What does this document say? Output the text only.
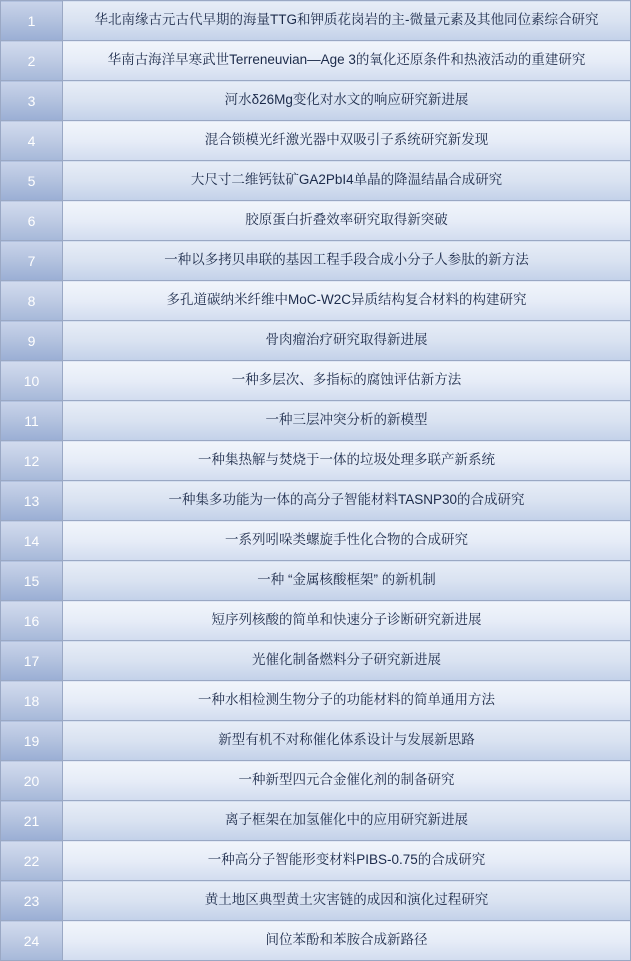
1	华北南缘古元古代早期的海量TTG和钾质花岗岩的主-微量元素及其他同位素综合研究
2	华南古海洋早寒武世Terreneuvian—Age 3的氧化还原条件和热液活动的重建研究
3	河水δ26Mg变化对水文的响应研究新进展
4	混合锁模光纤激光器中双吸引子系统研究新发现
5	大尺寸二维钙钛矿GA2PbI4单晶的降温结晶合成研究
6	胶原蛋白折叠效率研究取得新突破
7	一种以多拷贝串联的基因工程手段合成小分子人参肽的新方法
8	多孔道碳纳米纤维中MoC-W2C异质结构复合材料的构建研究
9	骨肉瘤治疗研究取得新进展
10	一种多层次、多指标的腐蚀评估新方法
11	一种三层冲突分析的新模型
12	一种集热解与焚烧于一体的垃圾处理多联产新系统
13	一种集多功能为一体的高分子智能材料TASNP30的合成研究
14	一系列吲哚类螺旋手性化合物的合成研究
15	一种 “金属核酸框架” 的新机制
16	短序列核酸的简单和快速分子诊断研究新进展
17	光催化制备燃料分子研究新进展
18	一种水相检测生物分子的功能材料的简单通用方法
19	新型有机不对称催化体系设计与发展新思路
20	一种新型四元合金催化剂的制备研究
21	离子框架在加氢催化中的应用研究新进展
22	一种高分子智能形变材料PIBS-0.75的合成研究
23	黄土地区典型黄土灾害链的成因和演化过程研究
24	间位苯酚和苯胺合成新路径
